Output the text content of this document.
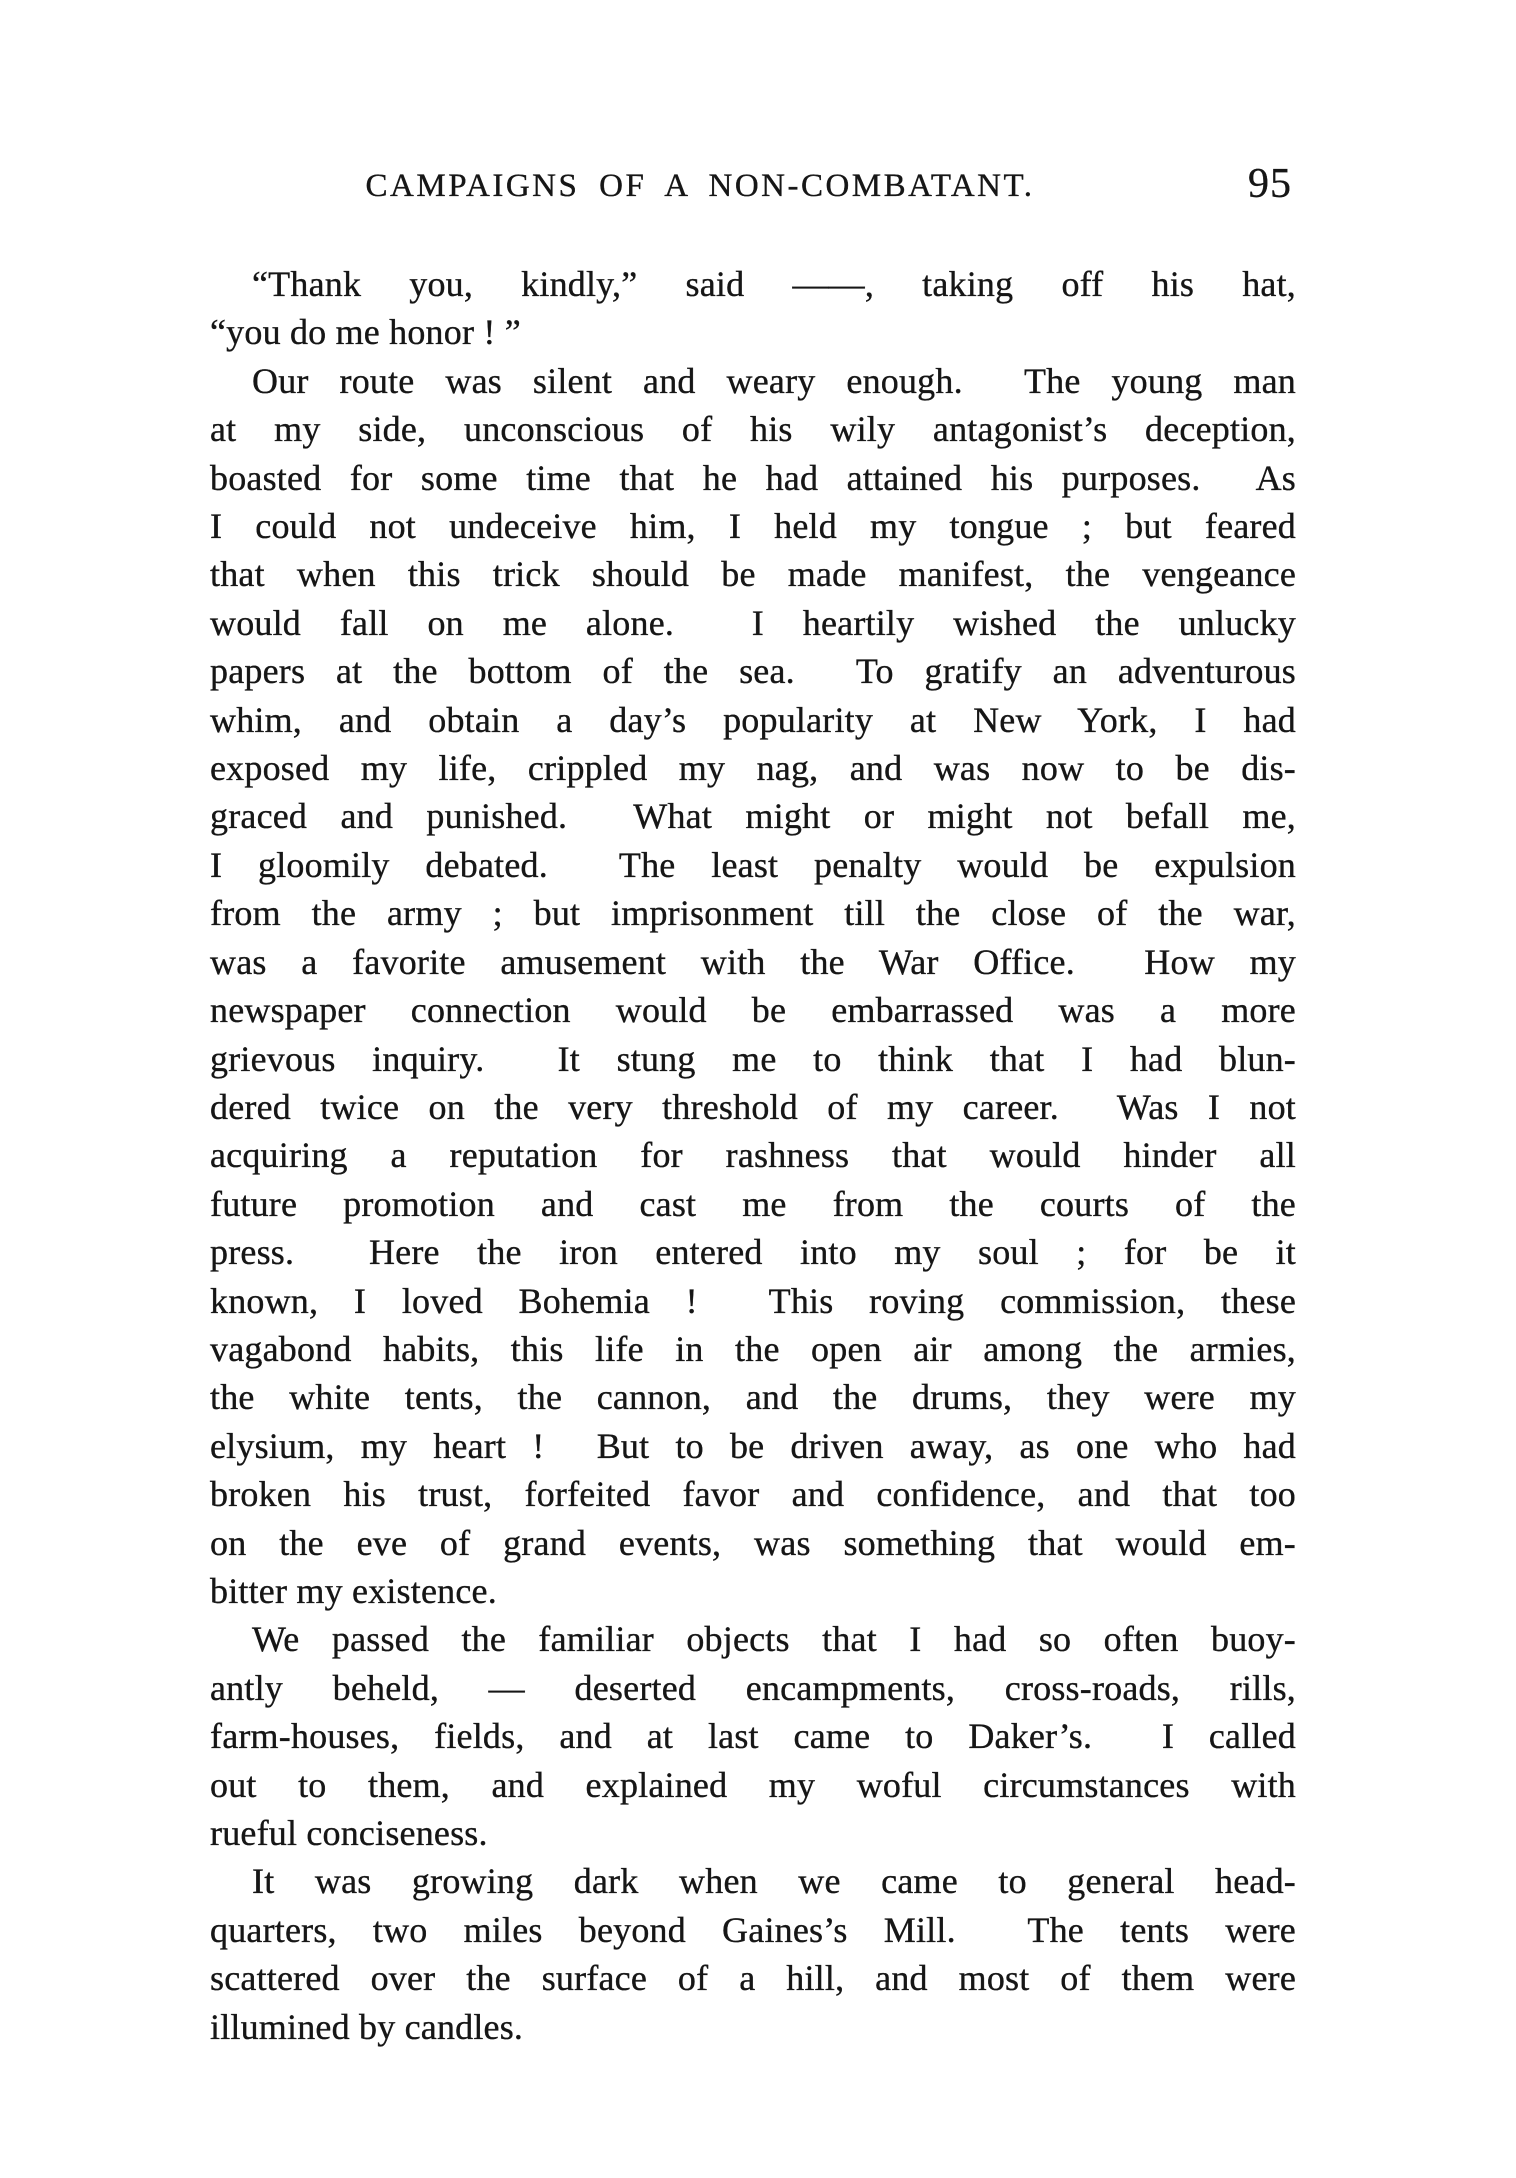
CAMPAIGNS OF A NON-COMBATANT.	95
“Thank you, kindly,” said ——, taking off his hat,
“you do me honor ! ”
Our route was silent and weary enough.  The young man
at my side, unconscious of his wily antagonist’s deception,
boasted for some time that he had attained his purposes.  As
I could not undeceive him, I held my tongue ; but feared
that when this trick should be made manifest, the vengeance
would fall on me alone.  I heartily wished the unlucky
papers at the bottom of the sea.  To gratify an adventurous
whim, and obtain a day’s popularity at New York, I had
exposed my life, crippled my nag, and was now to be dis-
graced and punished.  What might or might not befall me,
I gloomily debated.  The least penalty would be expulsion
from the army ; but imprisonment till the close of the war,
was a favorite amusement with the War Office.  How my
newspaper connection would be embarrassed was a more
grievous inquiry.  It stung me to think that I had blun-
dered twice on the very threshold of my career.  Was I not
acquiring a reputation for rashness that would hinder all
future promotion and cast me from the courts of the
press.  Here the iron entered into my soul ; for be it
known, I loved Bohemia !  This roving commission, these
vagabond habits, this life in the open air among the armies,
the white tents, the cannon, and the drums, they were my
elysium, my heart !  But to be driven away, as one who had
broken his trust, forfeited favor and confidence, and that too
on the eve of grand events, was something that would em-
bitter my existence.
We passed the familiar objects that I had so often buoy-
antly beheld, — deserted encampments, cross-roads, rills,
farm-houses, fields, and at last came to Daker’s.  I called
out to them, and explained my woful circumstances with
rueful conciseness.
It was growing dark when we came to general head-
quarters, two miles beyond Gaines’s Mill.  The tents were
scattered over the surface of a hill, and most of them were
illumined by candles.
